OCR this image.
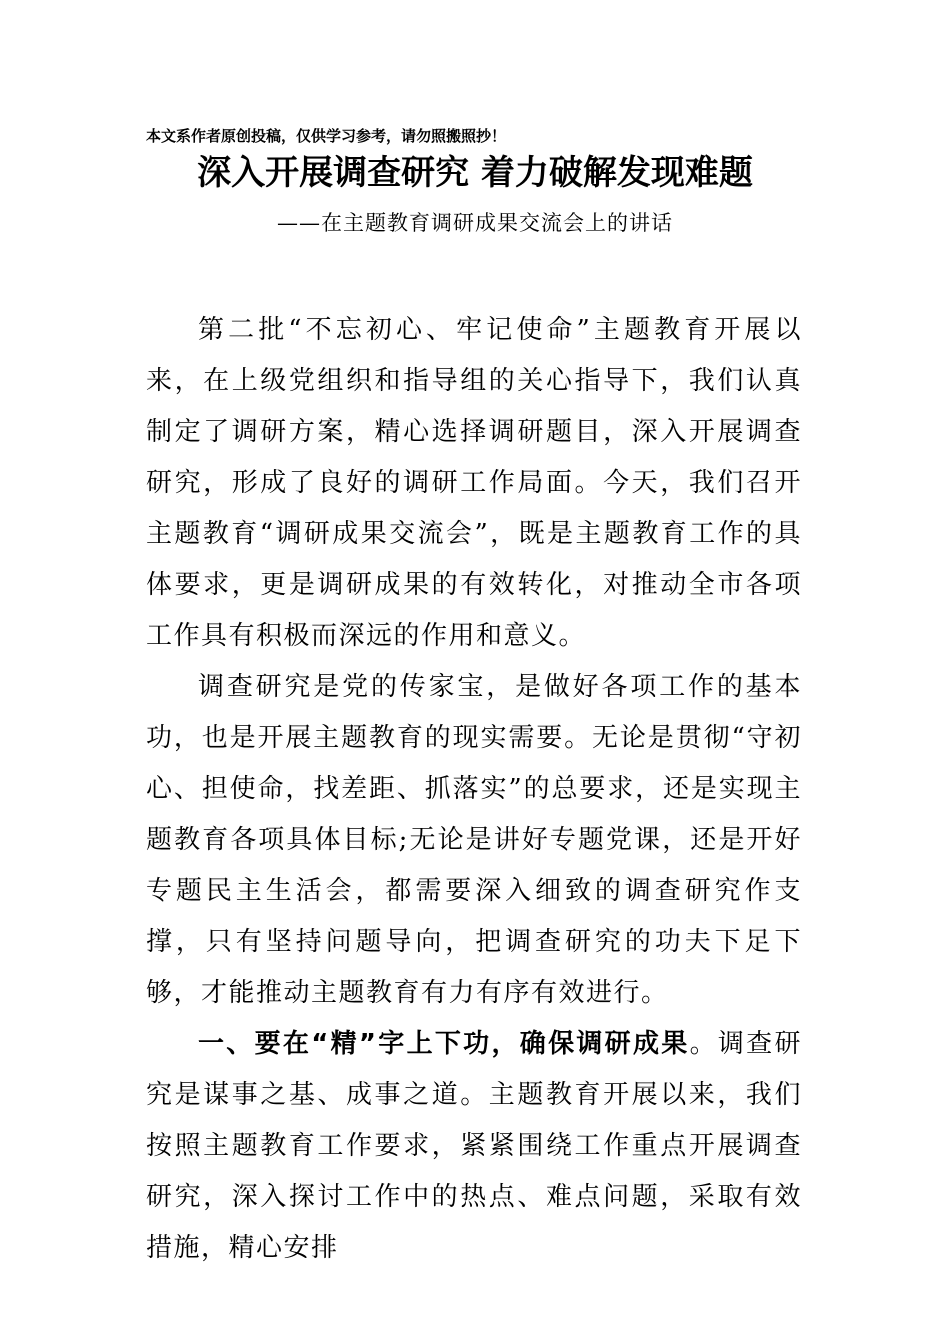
本文系作者原创投稿，仅供学习参考，请勿照搬照抄！
深入开展调查研究 着力破解发现难题
——在主题教育调研成果交流会上的讲话

第二批“不忘初心、牢记使命”主题教育开展以来，在上级党组织和指导组的关心指导下，我们认真制定了调研方案，精心选择调研题目，深入开展调查研究，形成了良好的调研工作局面。今天，我们召开主题教育“调研成果交流会”，既是主题教育工作的具体要求，更是调研成果的有效转化，对推动全市各项工作具有积极而深远的作用和意义。

调查研究是党的传家宝，是做好各项工作的基本功，也是开展主题教育的现实需要。无论是贯彻“守初心、担使命，找差距、抓落实”的总要求，还是实现主题教育各项具体目标;无论是讲好专题党课，还是开好专题民主生活会，都需要深入细致的调查研究作支撑，只有坚持问题导向，把调查研究的功夫下足下够，才能推动主题教育有力有序有效进行。

一、要在“精”字上下功，确保调研成果。调查研究是谋事之基、成事之道。主题教育开展以来，我们按照主题教育工作要求，紧紧围绕工作重点开展调查研究，深入探讨工作中的热点、难点问题，采取有效措施，精心安排
